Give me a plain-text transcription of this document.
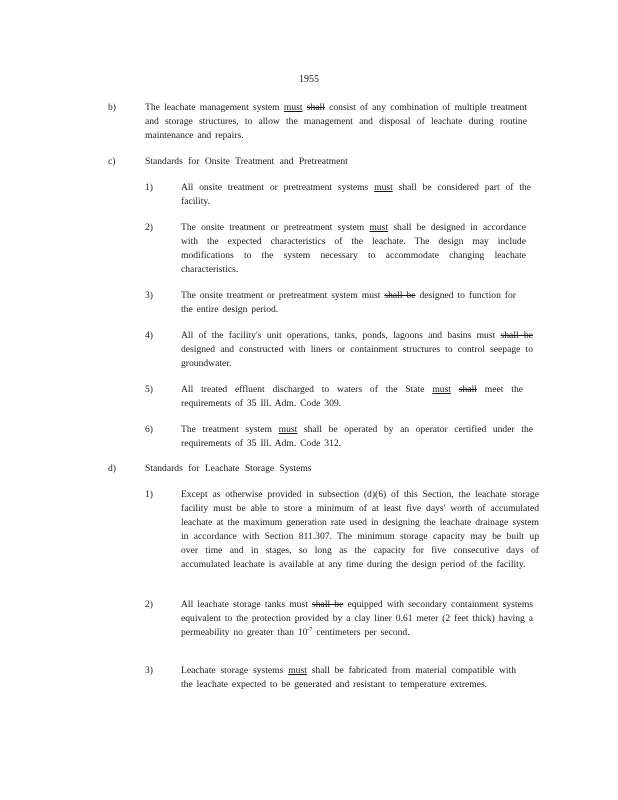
1955
b)	The leachate management system must shall consist of any combination of multiple treatment and storage structures, to allow the management and disposal of leachate during routine maintenance and repairs.
c)	Standards for Onsite Treatment and Pretreatment
1)	All onsite treatment or pretreatment systems must shall be considered part of the facility.
2)	The onsite treatment or pretreatment system must shall be designed in accordance with the expected characteristics of the leachate. The design may include modifications to the system necessary to accommodate changing leachate characteristics.
3)	The onsite treatment or pretreatment system must shall be designed to function for the entire design period.
4)	All of the facility's unit operations, tanks, ponds, lagoons and basins must shall be designed and constructed with liners or containment structures to control seepage to groundwater.
5)	All treated effluent discharged to waters of the State must shall meet the requirements of 35 Ill. Adm. Code 309.
6)	The treatment system must shall be operated by an operator certified under the requirements of 35 Ill. Adm. Code 312.
d)	Standards for Leachate Storage Systems
1)	Except as otherwise provided in subsection (d)(6) of this Section, the leachate storage facility must be able to store a minimum of at least five days' worth of accumulated leachate at the maximum generation rate used in designing the leachate drainage system in accordance with Section 811.307. The minimum storage capacity may be built up over time and in stages, so long as the capacity for five consecutive days of accumulated leachate is available at any time during the design period of the facility.
2)	All leachate storage tanks must shall be equipped with secondary containment systems equivalent to the protection provided by a clay liner 0.61 meter (2 feet thick) having a permeability no greater than $10^{-7}$ centimeters per second.
3)	Leachate storage systems must shall be fabricated from material compatible with the leachate expected to be generated and resistant to temperature extremes.
